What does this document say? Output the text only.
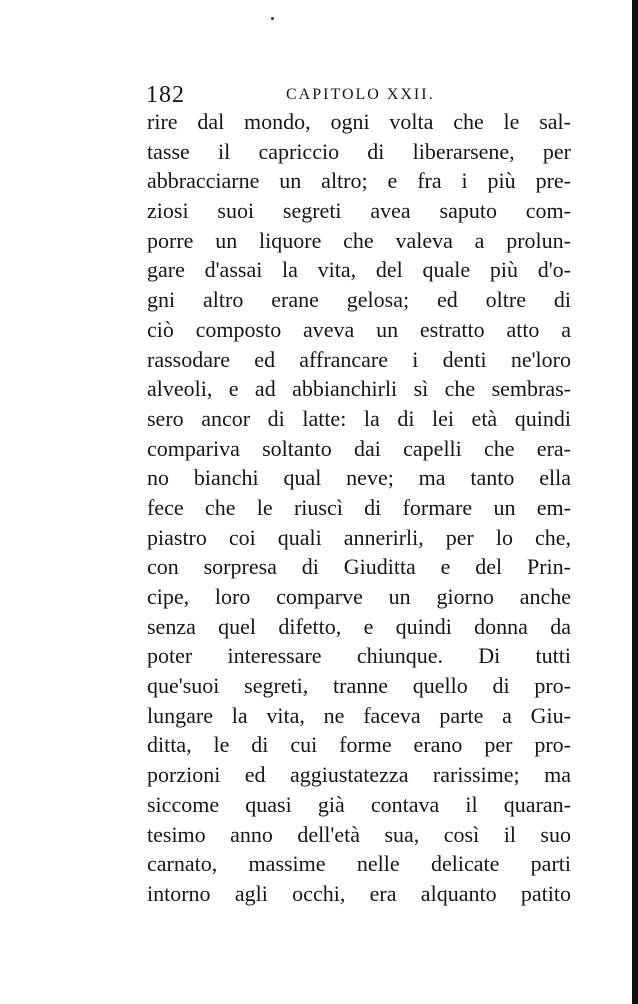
182	CAPITOLO XXII.
rire dal mondo, ogni volta che le sal-
tasse il capriccio di liberarsene, per
abbracciarne un altro; e fra i più pre-
ziosi suoi segreti avea saputo com-
porre un liquore che valeva a prolun-
gare d'assai la vita, del quale più d'o-
gni altro erane gelosa; ed oltre di
ciò composto aveva un estratto atto a
rassodare ed affrancare i denti ne'loro
alveoli, e ad abbianchirli sì che sembras-
sero ancor di latte: la di lei età quindi
compariva soltanto dai capelli che era-
no bianchi qual neve; ma tanto ella
fece che le riuscì di formare un em-
piastro coi quali annerirli, per lo che,
con sorpresa di Giuditta e del Prin-
cipe, loro comparve un giorno anche
senza quel difetto, e quindi donna da
poter interessare chiunque. Di tutti
que'suoi segreti, tranne quello di pro-
lungare la vita, ne faceva parte a Giu-
ditta, le di cui forme erano per pro-
porzioni ed aggiustatezza rarissime; ma
siccome quasi già contava il quaran-
tesimo anno dell'età sua, così il suo
carnato, massime nelle delicate parti
intorno agli occhi, era alquanto patito
